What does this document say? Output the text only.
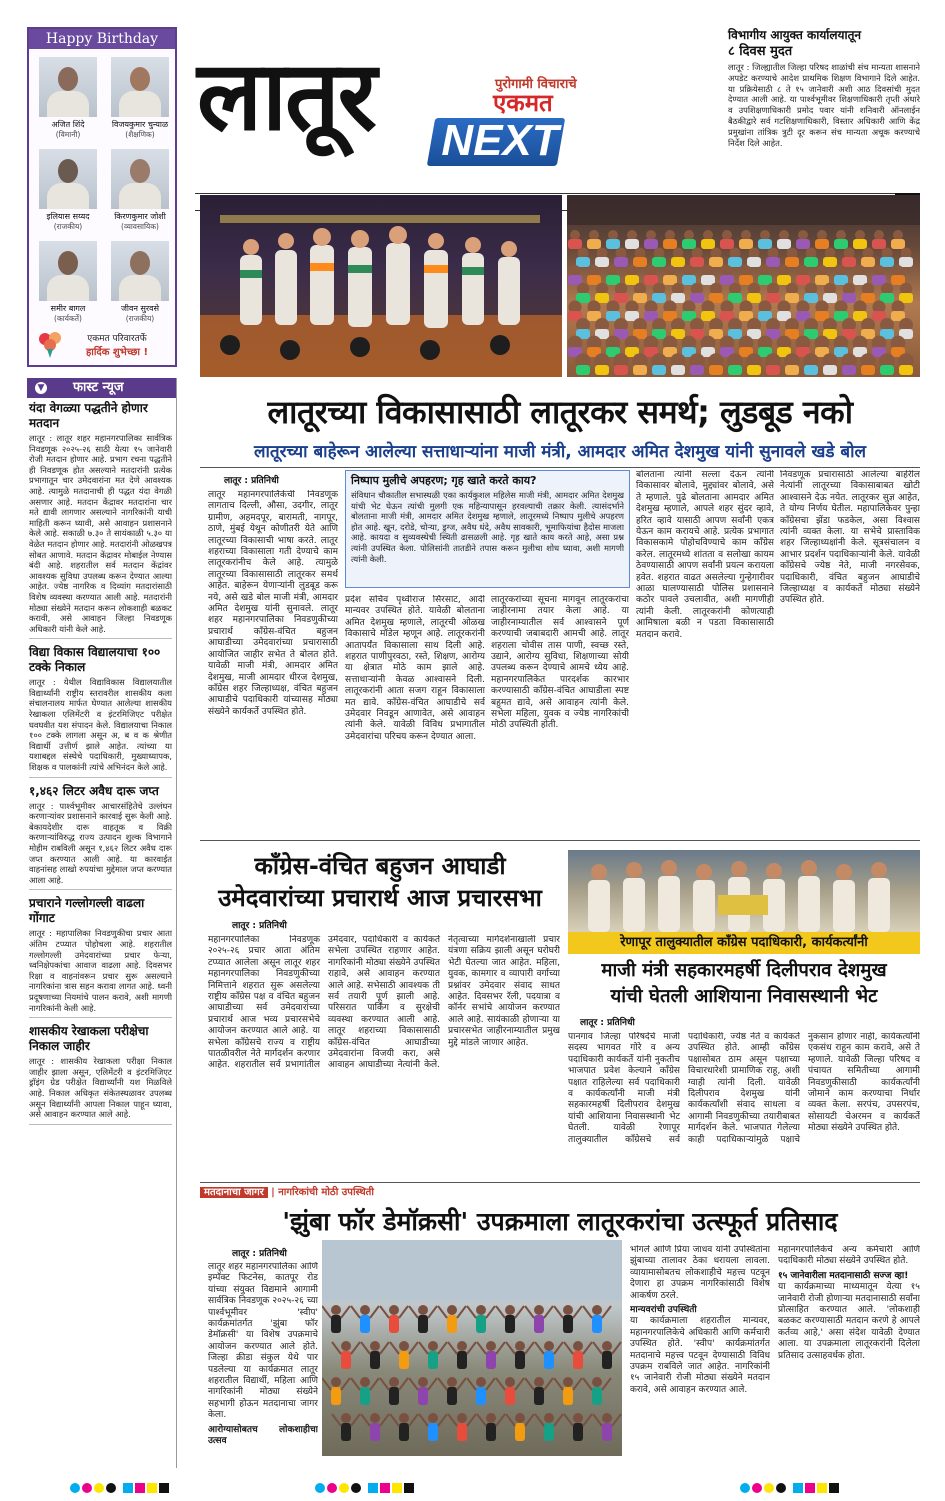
Happy Birthday
अजित शिंदे
(विमानी)
विजयकुमार चुन्याळ
(शैक्षणिक)
इलियास सय्यद
(राजकीय)
किरणकुमार जोशी
(व्यावसायिक)
समीर बागल
(कार्यकर्ते)
जीवन सुरवसे
(राजकीय)
एकमत परिवारतर्फे
हार्दिक शुभेच्छा !
▼ फास्ट न्यूज
यंदा वेगळ्या पद्धतीने होणार मतदान
लातूर : लातूर शहर महानगरपालिका सार्वत्रिक निवडणूक २०२५-२६ साठी येत्या १५ जानेवारी रोजी मतदान होणार आहे. प्रभाग रचना पद्धतीने ही निवडणूक होत असल्याने मतदारांनी प्रत्येक प्रभागातून चार उमेदवारांना मत देणे आवश्यक आहे. त्यामुळे मतदानाची ही पद्धत यंदा वेगळी असणार आहे. मतदान केंद्रावर मतदारांना चार मते द्यावी लागणार असल्याने नागरिकांनी याची माहिती करून घ्यावी, असे आवाहन प्रशासनाने केले आहे. सकाळी ७.३० ते सायंकाळी ५.३० या वेळेत मतदान होणार आहे. मतदारांनी ओळखपत्र सोबत आणावे. मतदान केंद्रावर मोबाईल नेण्यास बंदी आहे. शहरातील सर्व मतदान केंद्रांवर आवश्यक सुविधा उपलब्ध करून देण्यात आल्या आहेत. ज्येष्ठ नागरिक व दिव्यांग मतदारांसाठी विशेष व्यवस्था करण्यात आली आहे. मतदारांनी मोठ्या संख्येने मतदान करून लोकशाही बळकट करावी, असे आवाहन जिल्हा निवडणूक अधिकारी यांनी केले आहे.
विद्या विकास विद्यालयाचा १०० टक्के निकाल
लातूर : येथील विद्याविकास विद्यालयातील विद्यार्थ्यांनी राष्ट्रीय स्तरावरील शासकीय कला संचालनालय मार्फत घेण्यात आलेल्या शासकीय रेखाकला एलिमेंटरी व इंटरमिजिएट परीक्षेत घवघवीत यश संपादन केले. विद्यालयाचा निकाल १०० टक्के लागला असून अ, ब व क श्रेणीत विद्यार्थी उत्तीर्ण झाले आहेत. त्यांच्या या यशाबद्दल संस्थेचे पदाधिकारी, मुख्याध्यापक, शिक्षक व पालकांनी त्यांचे अभिनंदन केले आहे.
१,४६२ लिटर अवैध दारू जप्त
लातूर : पार्श्वभूमीवर आचारसंहितेचे उल्लंघन करणाऱ्यांवर प्रशासनाने कारवाई सुरू केली आहे. बेकायदेशीर दारू वाहतूक व विक्री करणाऱ्यांविरुद्ध राज्य उत्पादन शुल्क विभागाने मोहीम राबविली असून १,४६२ लिटर अवैध दारू जप्त करण्यात आली आहे. या कारवाईत वाहनांसह लाखो रुपयांचा मुद्देमाल जप्त करण्यात आला आहे.
प्रचाराने गल्लोगल्ली वाढला गोंगाट
लातूर : महापालिका निवडणुकीचा प्रचार आता अंतिम टप्प्यात पोहोचला आहे. शहरातील गल्लोगल्ली उमेदवारांच्या प्रचार फेऱ्या, ध्वनिक्षेपकांचा आवाज वाढला आहे. दिवसभर रिक्षा व वाहनांवरून प्रचार सुरू असल्याने नागरिकांना त्रास सहन करावा लागत आहे. ध्वनी प्रदूषणाच्या नियमांचे पालन करावे, अशी मागणी नागरिकांनी केली आहे.
शासकीय रेखाकला परीक्षेचा निकाल जाहीर
लातूर : शासकीय रेखाकला परीक्षा निकाल जाहीर झाला असून, एलिमेंटरी व इंटरमिजिएट ड्रॉइंग ग्रेड परीक्षेत विद्यार्थ्यांनी यश मिळविले आहे. निकाल अधिकृत संकेतस्थळावर उपलब्ध असून विद्यार्थ्यांनी आपला निकाल पाहून घ्यावा, असे आवाहन करण्यात आले आहे.
लातूर	पुरोगामी विचाराचे
एकमत
NEXT
विभागीय आयुक्त कार्यालयातून
८ दिवस मुदत
लातूर : जिल्ह्यातील जिल्हा परिषद शाळांची संच मान्यता शासनाने अपडेट करण्याचे आदेश प्राथमिक शिक्षण विभागाने दिले आहेत. या प्रक्रियेसाठी ८ ते १५ जानेवारी अशी आठ दिवसांची मुदत देण्यात आली आहे. या पार्श्वभूमीवर शिक्षणाधिकारी तृप्ती अंधारे व उपशिक्षणाधिकारी प्रमोद पवार यांनी शनिवारी ऑनलाईन बैठकीद्वारे सर्व गटशिक्षणाधिकारी, विस्तार अधिकारी आणि केंद्र प्रमुखांना तांत्रिक त्रुटी दूर करून संच मान्यता अचूक करण्याचे निर्देश दिले आहेत.
लातूरच्या विकासासाठी लातूरकर समर्थ; लुडबूड नको
लातूरच्या बाहेरून आलेल्या सत्ताधाऱ्यांना माजी मंत्री, आमदार अमित देशमुख यांनी सुनावले खडे बोल
लातूर : प्रतिनिधी
लातूर महानगरपालिकेची निवडणूक लागताच दिल्ली, औसा, उदगीर, लातूर ग्रामीण, अहमदपूर, बारामती, नागपूर, ठाणे, मुंबई येथून कोणीतरी येते आणि लातूरच्या विकासाची भाषा करते. लातूर शहराच्या विकासाला गती देण्याचे काम लातूरकरांनीच केले आहे. त्यामुळे लातूरच्या विकासासाठी लातूरकर समर्थ आहेत. बाहेरून येणाऱ्यांनी लुडबूड करू नये, असे खडे बोल माजी मंत्री, आमदार अमित देशमुख यांनी सुनावले. लातूर शहर महानगरपालिका निवडणुकीच्या प्रचारार्थ काँग्रेस-वंचित बहुजन आघाडीच्या उमेदवारांच्या प्रचारासाठी आयोजित जाहीर सभेत ते बोलत होते. यावेळी माजी मंत्री, आमदार अमित देशमुख, माजी आमदार धीरज देशमुख, काँग्रेस शहर जिल्हाध्यक्ष, वंचित बहुजन आघाडीचे पदाधिकारी यांच्यासह मोठ्या संख्येने कार्यकर्ते उपस्थित होते.
निष्पाप मुलीचे अपहरण; गृह खाते करते काय?
संविधान चौकातील सभास्थळी एका कार्यकुशल महिलेस माजी मंत्री, आमदार अमित देशमुख यांची भेट घेऊन त्यांची मुलगी एक महिन्यापासून हरवल्याची तक्रार केली. त्यासंदर्भाने बोलताना माजी मंत्री, आमदार अमित देशमुख म्हणाले, लातूरमध्ये निष्पाप मुलीचे अपहरण होत आहे. खून, दरोडे, चोऱ्या, ड्रग्ज, अवैध धंदे, अवैध सावकारी, भूमाफियांचा हैदोस माजला आहे. कायदा व सुव्यवस्थेची स्थिती ढासळली आहे. गृह खाते काय करते आहे, असा प्रश्न त्यांनी उपस्थित केला. पोलिसांनी तातडीने तपास करून मुलीचा शोध घ्यावा, अशी मागणी त्यांनी केली.
प्रदेश सचिव पृथ्वीराज सिरसाट, आदी मान्यवर उपस्थित होते. यावेळी बोलताना अमित देशमुख म्हणाले, लातूरची ओळख विकासाचे मॉडेल म्हणून आहे. लातूरकरांनी आतापर्यंत विकासाला साथ दिली आहे. शहरात पाणीपुरवठा, रस्ते, शिक्षण, आरोग्य या क्षेत्रात मोठे काम झाले आहे. सत्ताधाऱ्यांनी केवळ आश्वासने दिली. लातूरकरांनी आता सजग राहून विकासाला मत द्यावे. काँग्रेस-वंचित आघाडीचे सर्व उमेदवार निवडून आणावेत, असे आवाहन त्यांनी केले. यावेळी विविध प्रभागातील उमेदवारांचा परिचय करून देण्यात आला.
लातूरकरांच्या सूचना मागवून लातूरकरांचा जाहीरनामा तयार केला आहे. या जाहीरनाम्यातील सर्व आश्वासने पूर्ण करण्याची जबाबदारी आमची आहे. लातूर शहराला चोवीस तास पाणी, स्वच्छ रस्ते, उद्याने, आरोग्य सुविधा, शिक्षणाच्या सोयी उपलब्ध करून देण्याचे आमचे ध्येय आहे. महानगरपालिकेत पारदर्शक कारभार करण्यासाठी काँग्रेस-वंचित आघाडीला स्पष्ट बहुमत द्यावे, असे आवाहन त्यांनी केले. सभेला महिला, युवक व ज्येष्ठ नागरिकांची मोठी उपस्थिती होती.
बोलताना त्यांनी सल्ला देऊन त्यांनी विकासावर बोलावे, मुद्द्यांवर बोलावे, असे ते म्हणाले. पुढे बोलताना आमदार अमित देशमुख म्हणाले, आपले शहर सुंदर व्हावे, हरित व्हावे यासाठी आपण सर्वांनी एकत्र येऊन काम करायचे आहे. प्रत्येक प्रभागात विकासकामे पोहोचविण्याचे काम काँग्रेस करेल. लातूरमध्ये शांतता व सलोखा कायम ठेवण्यासाठी आपण सर्वांनी प्रयत्न करायला हवेत. शहरात वाढत असलेल्या गुन्हेगारीवर आळा घालण्यासाठी पोलिस प्रशासनाने कठोर पावले उचलावीत, अशी मागणीही त्यांनी केली. लातूरकरांनी कोणत्याही आमिषाला बळी न पडता विकासासाठी मतदान करावे.
निवडणूक प्रचारासाठी आलेल्या बाहेरील नेत्यांनी लातूरच्या विकासाबाबत खोटी आश्वासने देऊ नयेत. लातूरकर सुज्ञ आहेत, ते योग्य निर्णय घेतील. महापालिकेवर पुन्हा काँग्रेसचा झेंडा फडकेल, असा विश्वास त्यांनी व्यक्त केला. या सभेचे प्रास्ताविक शहर जिल्हाध्यक्षांनी केले. सूत्रसंचालन व आभार प्रदर्शन पदाधिकाऱ्यांनी केले. यावेळी काँग्रेसचे ज्येष्ठ नेते, माजी नगरसेवक, पदाधिकारी, वंचित बहुजन आघाडीचे जिल्हाध्यक्ष व कार्यकर्ते मोठ्या संख्येने उपस्थित होते.
काँग्रेस-वंचित बहुजन आघाडी
उमेदवारांच्या प्रचारार्थ आज प्रचारसभा
लातूर : प्रतिनिधी
महानगरपालिका निवडणूक २०२५-२६ प्रचार आता अंतिम टप्प्यात आलेला असून लातूर शहर महानगरपालिका निवडणुकीच्या निमित्ताने शहरात सुरू असलेल्या राष्ट्रीय काँग्रेस पक्ष व वंचित बहुजन आघाडीच्या सर्व उमेदवारांच्या प्रचारार्थ आज भव्य प्रचारसभेचे आयोजन करण्यात आले आहे. या सभेला काँग्रेसचे राज्य व राष्ट्रीय पातळीवरील नेते मार्गदर्शन करणार आहेत. शहरातील सर्व प्रभागांतील उमेदवार, पदाधिकारी व कार्यकर्ते सभेला उपस्थित राहणार आहेत. नागरिकांनी मोठ्या संख्येने उपस्थित राहावे, असे आवाहन करण्यात आले आहे. सभेसाठी आवश्यक ती सर्व तयारी पूर्ण झाली आहे. परिसरात पार्किंग व सुरक्षेची व्यवस्था करण्यात आली आहे. लातूर शहराच्या विकासासाठी काँग्रेस-वंचित आघाडीच्या उमेदवारांना विजयी करा, असे आवाहन आघाडीच्या नेत्यांनी केले. नेतृत्वाच्या मार्गदर्शनाखाली प्रचार यंत्रणा सक्रिय झाली असून घरोघरी भेटी घेतल्या जात आहेत. महिला, युवक, कामगार व व्यापारी वर्गाच्या प्रश्नांवर उमेदवार संवाद साधत आहेत. दिवसभर रॅली, पदयात्रा व कॉर्नर सभांचे आयोजन करण्यात आले आहे. सायंकाळी होणाऱ्या या प्रचारसभेत जाहीरनाम्यातील प्रमुख मुद्दे मांडले जाणार आहेत.
रेणापूर तालुक्यातील काँग्रेस पदाधिकारी, कार्यकर्त्यांनी
माजी मंत्री सहकारमहर्षी दिलीपराव देशमुख
यांची घेतली आशियाना निवासस्थानी भेट
लातूर : प्रतिनिधी
पानगाव जिल्हा परिषदेचे माजी सदस्य भागवत गोरे व अन्य पदाधिकारी कार्यकर्ते यांनी नुकतीच भाजपात प्रवेश केल्याने काँग्रेस पक्षात राहिलेल्या सर्व पदाधिकारी व कार्यकर्त्यांनी माजी मंत्री सहकारमहर्षी दिलीपराव देशमुख यांची आशियाना निवासस्थानी भेट घेतली. यावेळी रेणापूर तालुक्यातील काँग्रेसचे सर्व पदाधिकारी, ज्येष्ठ नेते व कार्यकर्ते उपस्थित होते. आम्ही काँग्रेस पक्षासोबत ठाम असून पक्षाच्या विचारधारेशी प्रामाणिक राहू, अशी ग्वाही त्यांनी दिली. यावेळी दिलीपराव देशमुख यांनी कार्यकर्त्यांशी संवाद साधला व आगामी निवडणुकीच्या तयारीबाबत मार्गदर्शन केले. भाजपात गेलेल्या काही पदाधिकाऱ्यांमुळे पक्षाचे नुकसान होणार नाही, कार्यकर्त्यांनी एकसंध राहून काम करावे, असे ते म्हणाले. यावेळी जिल्हा परिषद व पंचायत समितीच्या आगामी निवडणुकीसाठी कार्यकर्त्यांनी जोमाने काम करण्याचा निर्धार व्यक्त केला. सरपंच, उपसरपंच, सोसायटी चेअरमन व कार्यकर्ते मोठ्या संख्येने उपस्थित होते.
मतदानाचा जागर | नागरिकांची मोठी उपस्थिती
'झुंबा फॉर डेमॉक्रसी' उपक्रमाला लातूरकरांचा उत्स्फूर्त प्रतिसाद
लातूर : प्रतिनिधी
लातूर शहर महानगरपालिका आणि इम्पॅक्ट फिटनेस, कातपूर रोड यांच्या संयुक्त विद्यमाने आगामी सार्वत्रिक निवडणूक २०२५-२६ च्या पार्श्वभूमीवर 'स्वीप' कार्यक्रमांतर्गत 'झुंबा फॉर डेमॉक्रसी' या विशेष उपक्रमाचे आयोजन करण्यात आले होते. जिल्हा क्रीडा संकुल येथे पार पडलेल्या या कार्यक्रमात लातूर शहरातील विद्यार्थी, महिला आणि नागरिकांनी मोठ्या संख्येने सहभागी होऊन मतदानाचा जागर केला.
आरोग्यासोबतच लोकशाहीचा उत्सव
भोगले आणि प्रिया जाधव यांनी उपस्थितांना झुंबाच्या तालावर ठेका धरायला लावला. व्यायामासोबतच लोकशाहीचे महत्त्व पटवून देणारा हा उपक्रम नागरिकांसाठी विशेष आकर्षण ठरले.
मान्यवरांची उपस्थिती
या कार्यक्रमाला शहरातील मान्यवर, महानगरपालिकेचे अधिकारी आणि कर्मचारी उपस्थित होते. 'स्वीप' कार्यक्रमांतर्गत मतदानाचे महत्त्व पटवून देण्यासाठी विविध उपक्रम राबविले जात आहेत. नागरिकांनी १५ जानेवारी रोजी मोठ्या संख्येने मतदान करावे, असे आवाहन करण्यात आले.
महानगरपालिकेचे अन्य कर्मचारी आणि पदाधिकारी मोठ्या संख्येने उपस्थित होते.
१५ जानेवारीला मतदानासाठी सज्ज व्हा!
या कार्यक्रमाच्या माध्यमातून येत्या १५ जानेवारी रोजी होणाऱ्या मतदानासाठी सर्वांना प्रोत्साहित करण्यात आले. 'लोकशाही बळकट करण्यासाठी मतदान करणे हे आपले कर्तव्य आहे,' असा संदेश यावेळी देण्यात आला. या उपक्रमाला लातूरकरांनी दिलेला प्रतिसाद उत्साहवर्धक होता.
